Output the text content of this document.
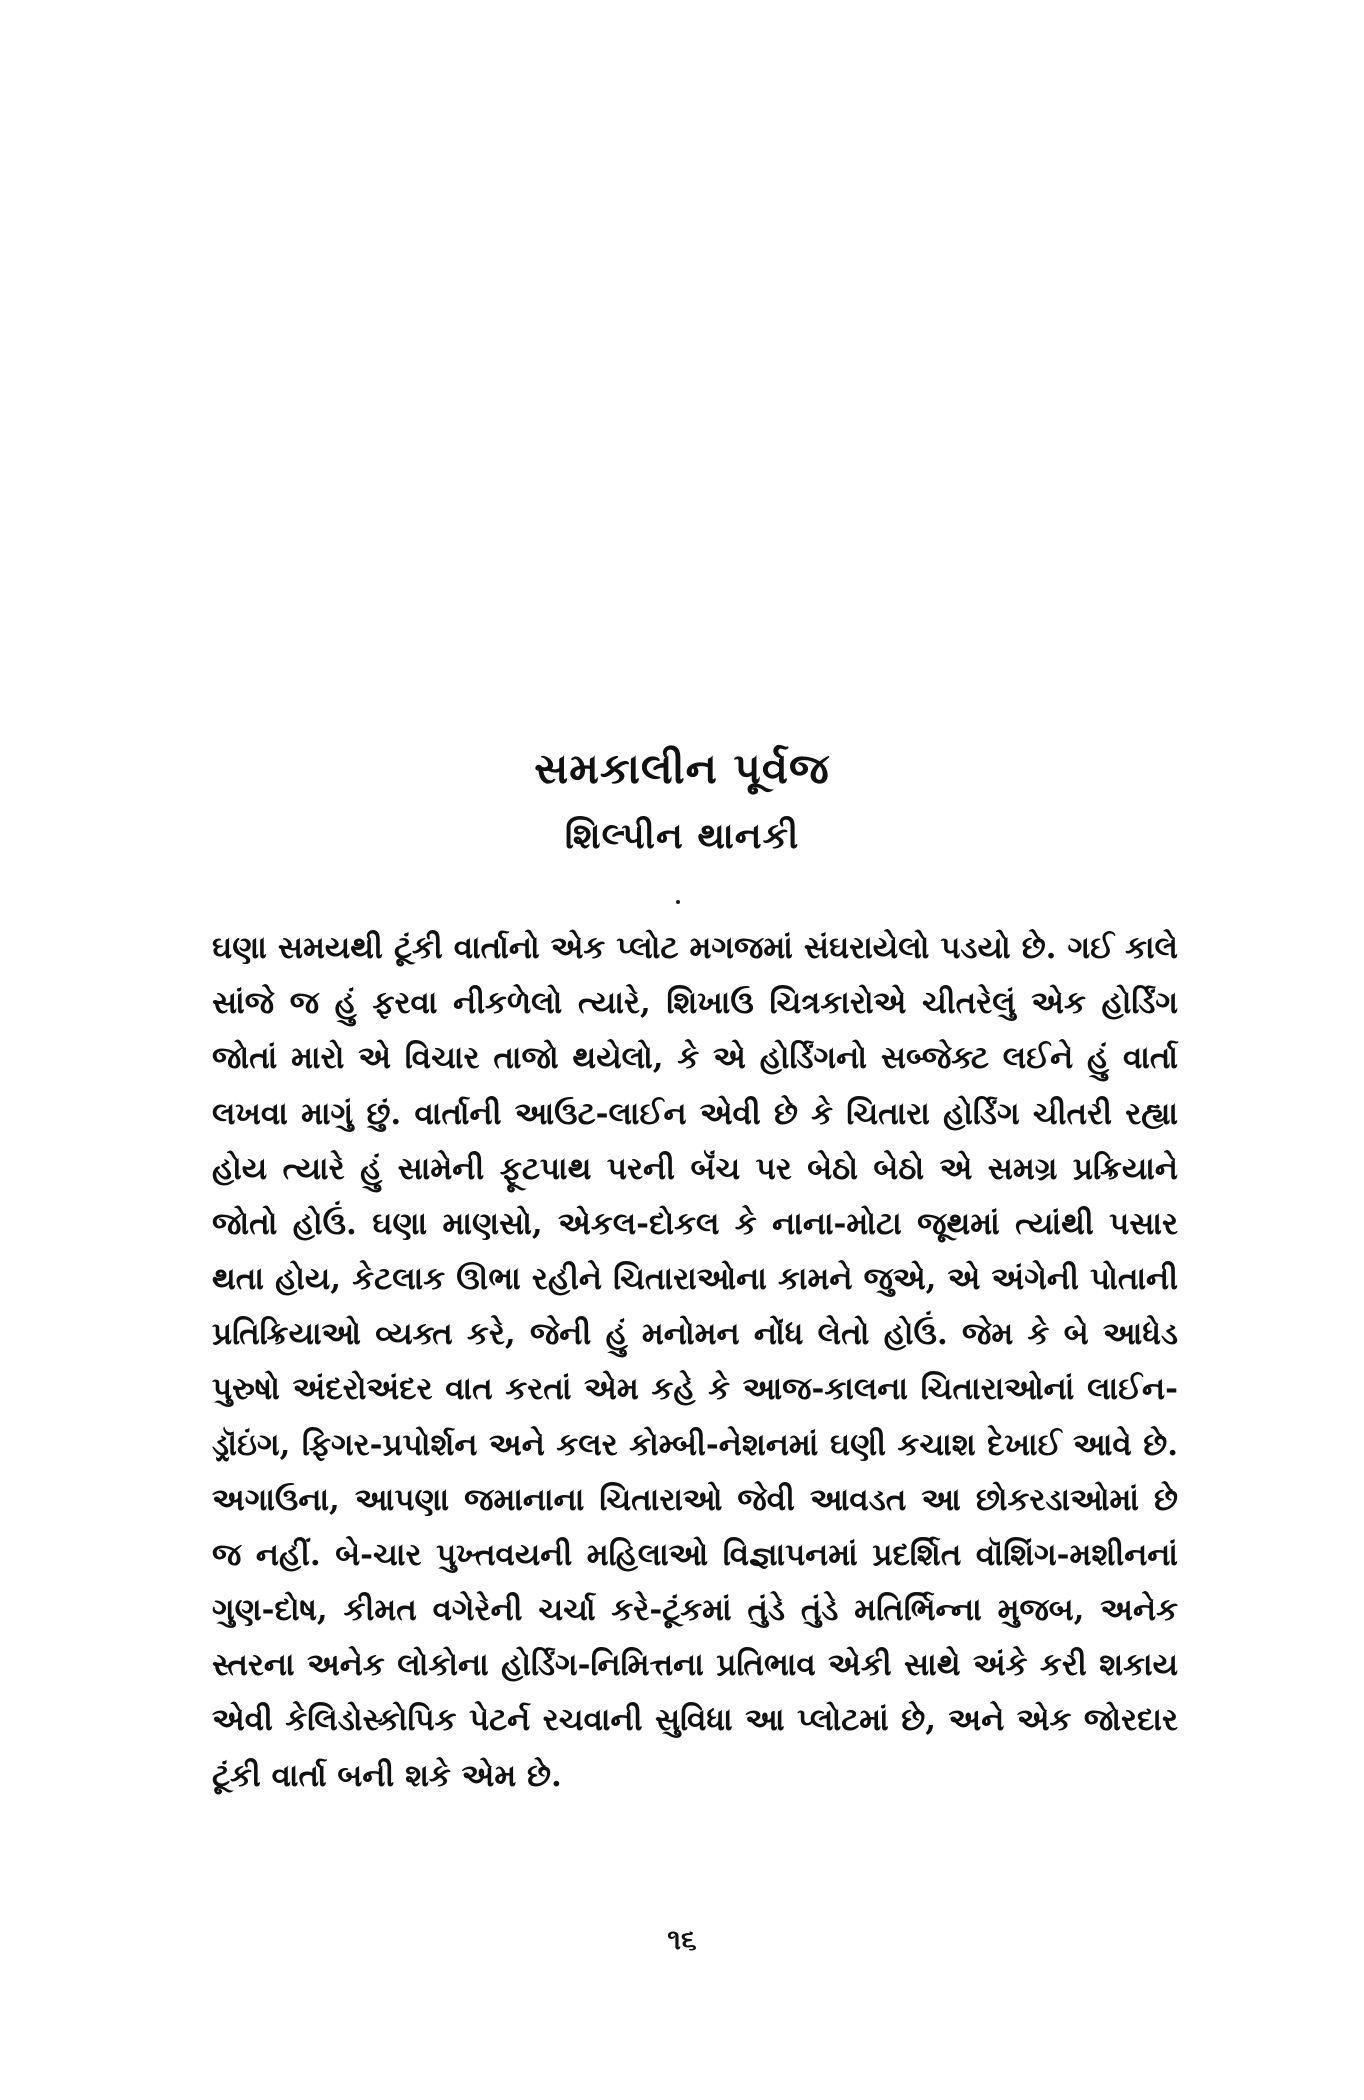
સમકાલીન પૂર્વજ
શિલ્પીન થાનકી

ઘણા સમયથી ટૂંકી વાર્તાનો એક પ્લોટ મગજમાં સંઘરાયેલો પડયો છે. ગઈ કાલે સાંજે જ હું ફરવા નીકળેલો ત્યારે, શિખાઉ ચિત્રકારોએ ચીતરેલું એક હોર્ડિંગ જોતાં મારો એ વિચાર તાજો થયેલો, કે એ હોર્ડિંગનો સબ્જેક્ટ લઈને હું વાર્તા લખવા માગું છું. વાર્તાની આઉટ-લાઈન એવી છે કે ચિતારા હોર્ડિંગ ચીતરી રહ્યા હોય ત્યારે હું સામેની ફૂટપાથ પરની બૅંચ પર બેઠો બેઠો એ સમગ્ર પ્રક્રિયાને જોતો હોઉં. ઘણા માણસો, એકલ-દોકલ કે નાના-મોટા જૂથમાં ત્યાંથી પસાર થતા હોય, કેટલાક ઊભા રહીને ચિતારાઓના કામને જુએ, એ અંગેની પોતાની પ્રતિક્રિયાઓ વ્યક્ત કરે, જેની હું મનોમન નોંધ લેતો હોઉં. જેમ કે બે આધેડ પુરુષો અંદરોઅંદર વાત કરતાં એમ કહે કે આજ-કાલના ચિતારાઓનાં લાઈન-ડ્રૉઇંગ, ફિગર-પ્રપોર્શન અને કલર કોમ્બી-નેશનમાં ઘણી કચાશ દેખાઈ આવે છે. અગાઉના, આપણા જમાનાના ચિતારાઓ જેવી આવડત આ છોકરડાઓમાં છે જ નહીં. બે-ચાર પુખ્તવયની મહિલાઓ વિજ્ઞાપનમાં પ્રદર્શિત વૉશિંગ-મશીનનાં ગુણ-દોષ, કીમત વગેરેની ચર્ચા કરે-ટૂંકમાં તુંડે તુંડે મતિર્ભિન્ના મુજબ, અનેક સ્તરના અનેક લોકોના હોર્ડિંગ-નિમિત્તના પ્રતિભાવ એકી સાથે અંકે કરી શકાય એવી કેલિડોસ્કોપિક પેટર્ન રચવાની સુવિધા આ પ્લોટમાં છે, અને એક જોરદાર ટૂંકી વાર્તા બની શકે એમ છે.

૧૬
